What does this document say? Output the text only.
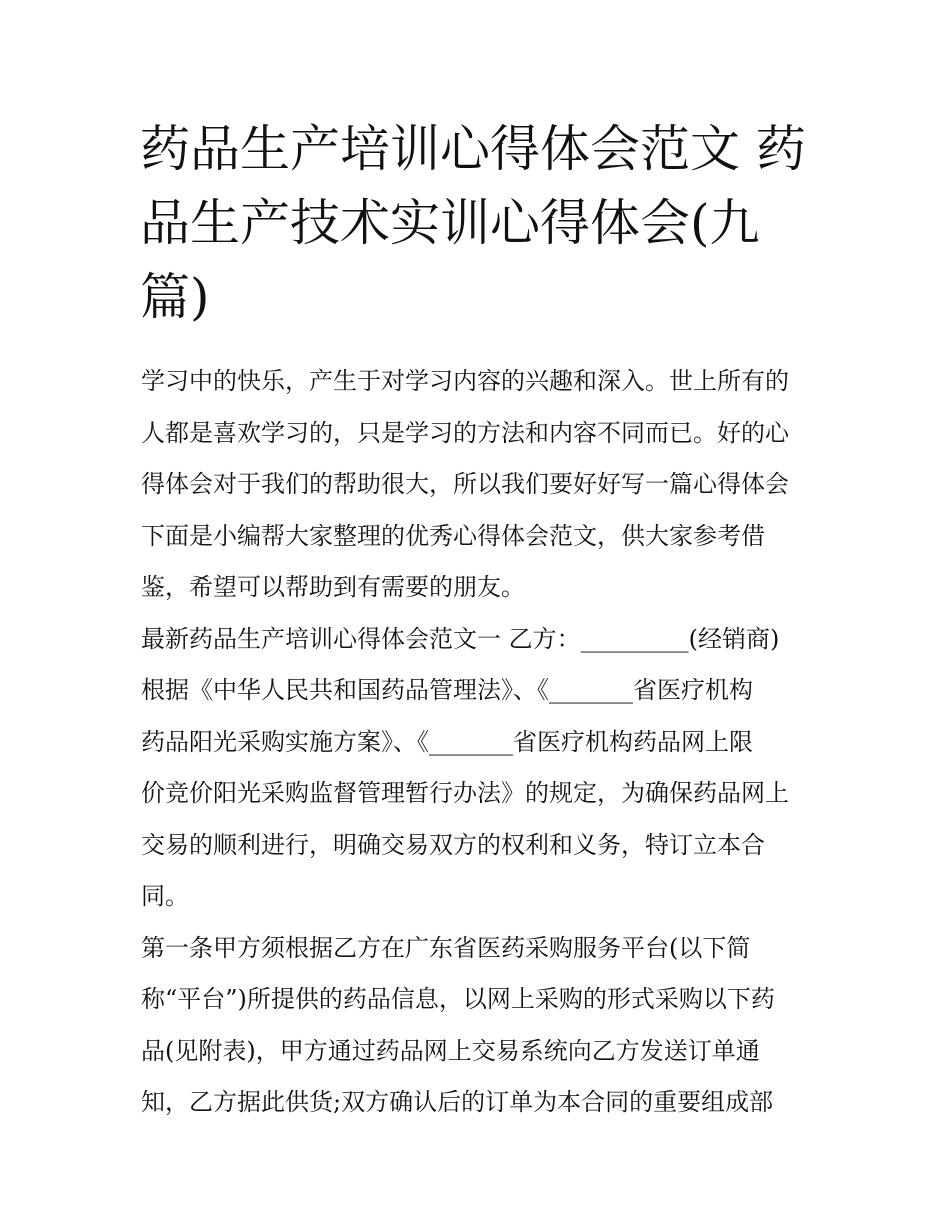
药品生产培训心得体会范文 药
品生产技术实训心得体会(九
篇)

学习中的快乐，产生于对学习内容的兴趣和深入。世上所有的
人都是喜欢学习的，只是学习的方法和内容不同而已。好的心
得体会对于我们的帮助很大，所以我们要好好写一篇心得体会
下面是小编帮大家整理的优秀心得体会范文，供大家参考借
鉴，希望可以帮助到有需要的朋友。

最新药品生产培训心得体会范文一 乙方：_________(经销商)
根据《中华人民共和国药品管理法》、《_______省医疗机构
药品阳光采购实施方案》、《_______省医疗机构药品网上限
价竞价阳光采购监督管理暂行办法》的规定，为确保药品网上
交易的顺利进行，明确交易双方的权利和义务，特订立本合
同。

第一条甲方须根据乙方在广东省医药采购服务平台(以下简
称“平台”)所提供的药品信息，以网上采购的形式采购以下药
品(见附表)，甲方通过药品网上交易系统向乙方发送订单通
知，乙方据此供货;双方确认后的订单为本合同的重要组成部
